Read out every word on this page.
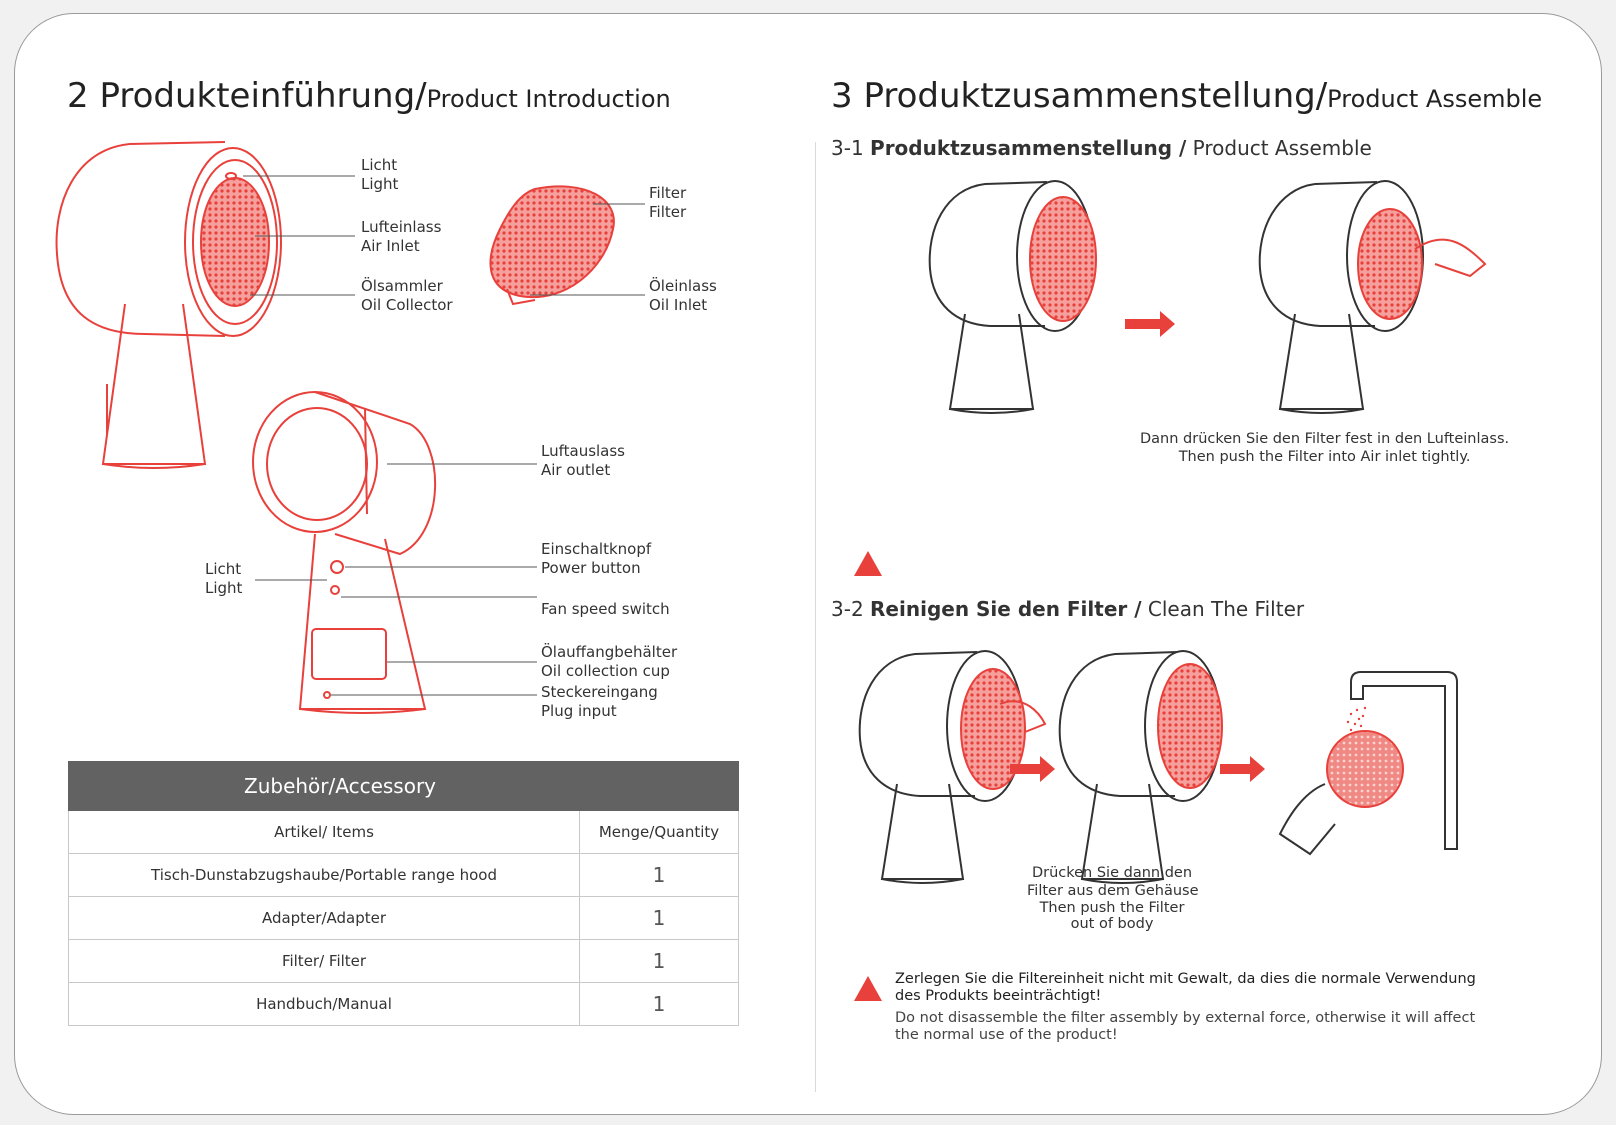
2 Produkteinführung/Product Introduction
Licht
Light
Lufteinlass
Air Inlet
Ölsammler
Oil Collector
Filter
Filter
Öleinlass
Oil Inlet
Luftauslass
Air outlet
Einschaltknopf
Power button
Fan speed switch
Ölauffangbehälter
Oil collection cup
Steckereingang
Plug input
Licht
Light
Zubehör/Accessory	
Artikel/ Items	Menge/Quantity
Tisch-Dunstabzugshaube/Portable range hood	1
Adapter/Adapter	1
Filter/ Filter	1
Handbuch/Manual	1
3 Produktzusammenstellung/Product Assemble
3-1 Produktzusammenstellung / Product Assemble
Dann drücken Sie den Filter fest in den Lufteinlass.
Then push the Filter into Air inlet tightly.
3-2 Reinigen Sie den Filter / Clean The Filter
Drücken Sie dann den
Filter aus dem Gehäuse
Then push the Filter
out of body
Zerlegen Sie die Filtereinheit nicht mit Gewalt, da dies die normale Verwendung des Produkts beeinträchtigt!
Do not disassemble the filter assembly by external force, otherwise it will affect the normal use of the product!
